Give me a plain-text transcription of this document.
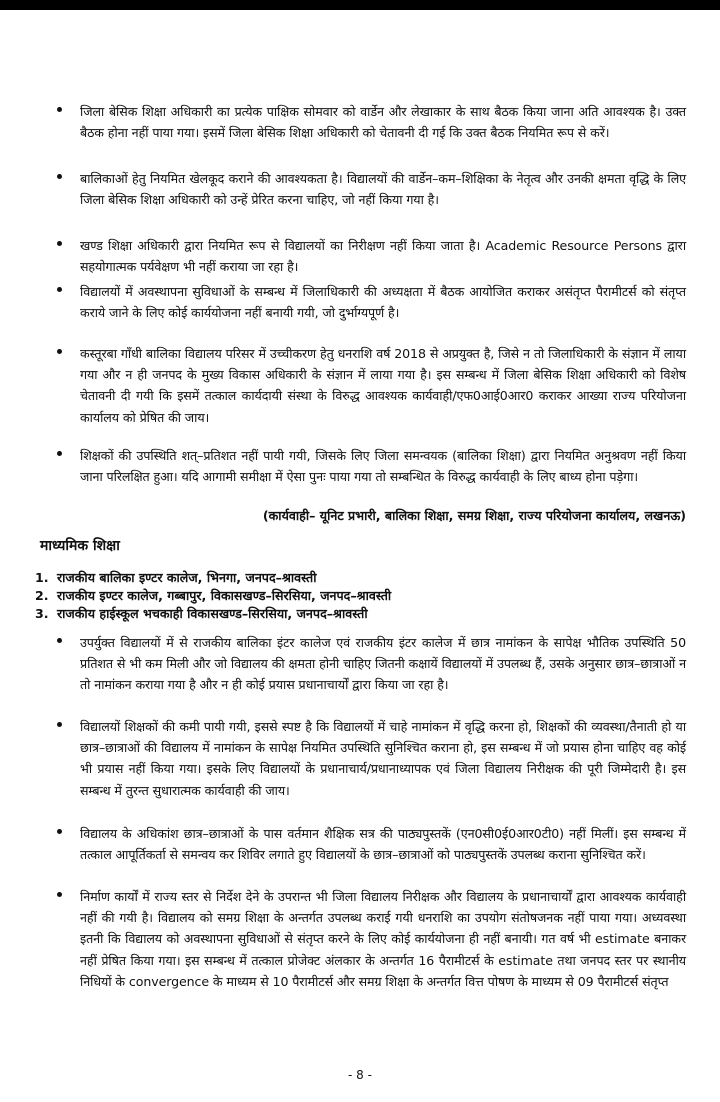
जिला बेसिक शिक्षा अधिकारी का प्रत्येक पाक्षिक सोमवार को वार्डेन और लेखाकार के साथ बैठक किया जाना अति आवश्यक है। उक्त बैठक होना नहीं पाया गया। इसमें जिला बेसिक शिक्षा अधिकारी को चेतावनी दी गई कि उक्त बैठक नियमित रूप से करें।
बालिकाओं हेतु नियमित खेलकूद कराने की आवश्यकता है। विद्यालयों की वार्डेन–कम–शिक्षिका के नेतृत्व और उनकी क्षमता वृद्धि के लिए जिला बेसिक शिक्षा अधिकारी को उन्हें प्रेरित करना चाहिए, जो नहीं किया गया है।
खण्ड शिक्षा अधिकारी द्वारा नियमित रूप से विद्यालयों का निरीक्षण नहीं किया जाता है। Academic Resource Persons द्वारा सहयोगात्मक पर्यवेक्षण भी नहीं कराया जा रहा है।
विद्यालयों में अवस्थापना सुविधाओं के सम्बन्ध में जिलाधिकारी की अध्यक्षता में बैठक आयोजित कराकर असंतृप्त पैरामीटर्स को संतृप्त कराये जाने के लिए कोई कार्ययोजना नहीं बनायी गयी, जो दुर्भाग्यपूर्ण है।
कस्तूरबा गाँधी बालिका विद्यालय परिसर में उच्चीकरण हेतु धनराशि वर्ष 2018 से अप्रयुक्त है, जिसे न तो जिलाधिकारी के संज्ञान में लाया गया और न ही जनपद के मुख्य विकास अधिकारी के संज्ञान में लाया गया है। इस सम्बन्ध में जिला बेसिक शिक्षा अधिकारी को विशेष चेतावनी दी गयी कि इसमें तत्काल कार्यदायी संस्था के विरुद्ध आवश्यक कार्यवाही/एफ0आई0आर0 कराकर आख्या राज्य परियोजना कार्यालय को प्रेषित की जाय।
शिक्षकों की उपस्थिति शत्–प्रतिशत नहीं पायी गयी, जिसके लिए जिला समन्वयक (बालिका शिक्षा) द्वारा नियमित अनुश्रवण नहीं किया जाना परिलक्षित हुआ। यदि आगामी समीक्षा में ऐसा पुनः पाया गया तो सम्बन्धित के विरुद्ध कार्यवाही के लिए बाध्य होना पड़ेगा।
(कार्यवाही– यूनिट प्रभारी, बालिका शिक्षा, समग्र शिक्षा, राज्य परियोजना कार्यालय, लखनऊ)
माध्यमिक शिक्षा
1. राजकीय बालिका इण्टर कालेज, भिनगा, जनपद–श्रावस्ती
2. राजकीय इण्टर कालेज, गब्बापुर, विकासखण्ड–सिरसिया, जनपद–श्रावस्ती
3. राजकीय हाईस्कूल भचकाही विकासखण्ड–सिरसिया, जनपद–श्रावस्ती
उपर्युक्त विद्यालयों में से राजकीय बालिका इंटर कालेज एवं राजकीय इंटर कालेज में छात्र नामांकन के सापेक्ष भौतिक उपस्थिति 50 प्रतिशत से भी कम मिली और जो विद्यालय की क्षमता होनी चाहिए जितनी कक्षायें विद्यालयों में उपलब्ध हैं, उसके अनुसार छात्र–छात्राओं न तो नामांकन कराया गया है और न ही कोई प्रयास प्रधानाचार्यों द्वारा किया जा रहा है।
विद्यालयों शिक्षकों की कमी पायी गयी, इससे स्पष्ट है कि विद्यालयों में चाहे नामांकन में वृद्धि करना हो, शिक्षकों की व्यवस्था/तैनाती हो या छात्र–छात्राओं की विद्यालय में नामांकन के सापेक्ष नियमित उपस्थिति सुनिश्चित कराना हो, इस सम्बन्ध में जो प्रयास होना चाहिए वह कोई भी प्रयास नहीं किया गया। इसके लिए विद्यालयों के प्रधानाचार्य/प्रधानाध्यापक एवं जिला विद्यालय निरीक्षक की पूरी जिम्मेदारी है। इस सम्बन्ध में तुरन्त सुधारात्मक कार्यवाही की जाय।
विद्यालय के अधिकांश छात्र–छात्राओं के पास वर्तमान शैक्षिक सत्र की पाठ्यपुस्तकें (एन0सी0ई0आर0टी0) नहीं मिलीं। इस सम्बन्ध में तत्काल आपूर्तिकर्ता से समन्वय कर शिविर लगाते हुए विद्यालयों के छात्र–छात्राओं को पाठ्यपुस्तकें उपलब्ध कराना सुनिश्चित करें।
निर्माण कार्यों में राज्य स्तर से निर्देश देने के उपरान्त भी जिला विद्यालय निरीक्षक और विद्यालय के प्रधानाचार्यों द्वारा आवश्यक कार्यवाही नहीं की गयी है। विद्यालय को समग्र शिक्षा के अन्तर्गत उपलब्ध कराई गयी धनराशि का उपयोग संतोषजनक नहीं पाया गया। अध्यवस्था इतनी कि विद्यालय को अवस्थापना सुविधाओं से संतृप्त करने के लिए कोई कार्ययोजना ही नहीं बनायी। गत वर्ष भी estimate बनाकर नहीं प्रेषित किया गया। इस सम्बन्ध में तत्काल प्रोजेक्ट अंलकार के अन्तर्गत 16 पैरामीटर्स के estimate तथा जनपद स्तर पर स्थानीय निधियों के convergence के माध्यम से 10 पैरामीटर्स और समग्र शिक्षा के अन्तर्गत वित्त पोषण के माध्यम से 09 पैरामीटर्स संतृप्त
- 8 -
